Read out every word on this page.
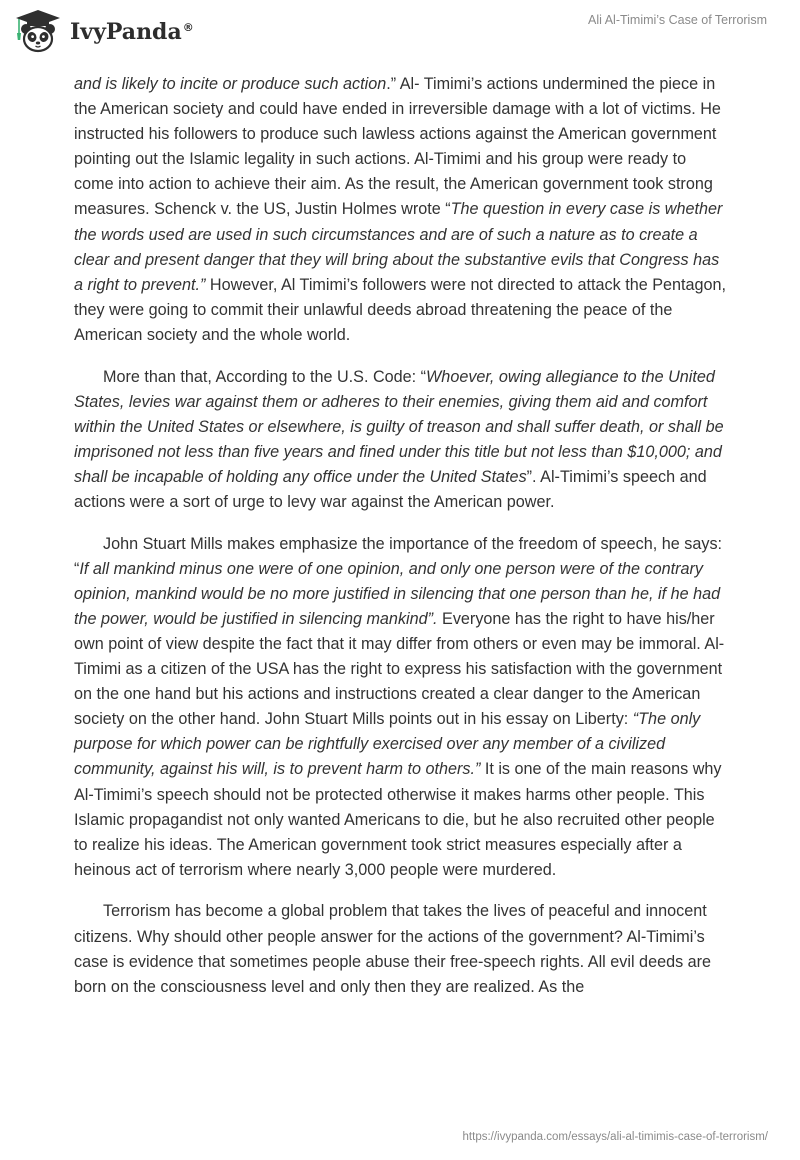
IvyPanda®
Ali Al-Timimi’s Case of Terrorism

and is likely to incite or produce such action.” Al- Timimi’s actions undermined the piece in the American society and could have ended in irreversible damage with a lot of victims. He instructed his followers to produce such lawless actions against the American government pointing out the Islamic legality in such actions. Al-Timimi and his group were ready to come into action to achieve their aim. As the result, the American government took strong measures. Schenck v. the US, Justin Holmes wrote “The question in every case is whether the words used are used in such circumstances and are of such a nature as to create a clear and present danger that they will bring about the substantive evils that Congress has a right to prevent.” However, Al Timimi’s followers were not directed to attack the Pentagon, they were going to commit their unlawful deeds abroad threatening the peace of the American society and the whole world.

More than that, According to the U.S. Code: “Whoever, owing allegiance to the United States, levies war against them or adheres to their enemies, giving them aid and comfort within the United States or elsewhere, is guilty of treason and shall suffer death, or shall be imprisoned not less than five years and fined under this title but not less than $10,000; and shall be incapable of holding any office under the United States”. Al-Timimi’s speech and actions were a sort of urge to levy war against the American power.

John Stuart Mills makes emphasize the importance of the freedom of speech, he says: “If all mankind minus one were of one opinion, and only one person were of the contrary opinion, mankind would be no more justified in silencing that one person than he, if he had the power, would be justified in silencing mankind”. Everyone has the right to have his/her own point of view despite the fact that it may differ from others or even may be immoral. Al-Timimi as a citizen of the USA has the right to express his satisfaction with the government on the one hand but his actions and instructions created a clear danger to the American society on the other hand. John Stuart Mills points out in his essay on Liberty: “The only purpose for which power can be rightfully exercised over any member of a civilized community, against his will, is to prevent harm to others.” It is one of the main reasons why Al-Timimi’s speech should not be protected otherwise it makes harms other people. This Islamic propagandist not only wanted Americans to die, but he also recruited other people to realize his ideas. The American government took strict measures especially after a heinous act of terrorism where nearly 3,000 people were murdered.

Terrorism has become a global problem that takes the lives of peaceful and innocent citizens. Why should other people answer for the actions of the government? Al-Timimi’s case is evidence that sometimes people abuse their free-speech rights. All evil deeds are born on the consciousness level and only then they are realized. As the

https://ivypanda.com/essays/ali-al-timimis-case-of-terrorism/
